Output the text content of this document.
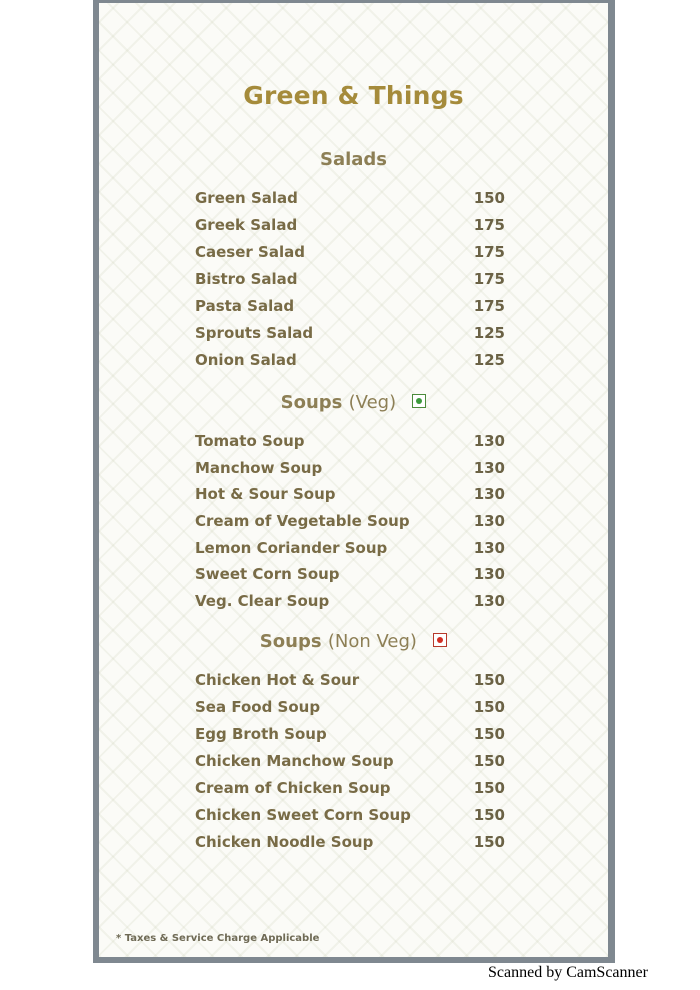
Green & Things
Salads
Green Salad	150
Greek Salad	175
Caeser Salad	175
Bistro Salad	175
Pasta Salad	175
Sprouts Salad	125
Onion Salad	125
Soups (Veg)
Tomato Soup	130
Manchow Soup	130
Hot & Sour Soup	130
Cream of Vegetable Soup	130
Lemon Coriander Soup	130
Sweet Corn Soup	130
Veg. Clear Soup	130
Soups (Non Veg)
Chicken Hot & Sour	150
Sea Food Soup	150
Egg Broth Soup	150
Chicken Manchow Soup	150
Cream of Chicken Soup	150
Chicken Sweet Corn Soup	150
Chicken Noodle Soup	150
* Taxes & Service Charge Applicable
Scanned by CamScanner
